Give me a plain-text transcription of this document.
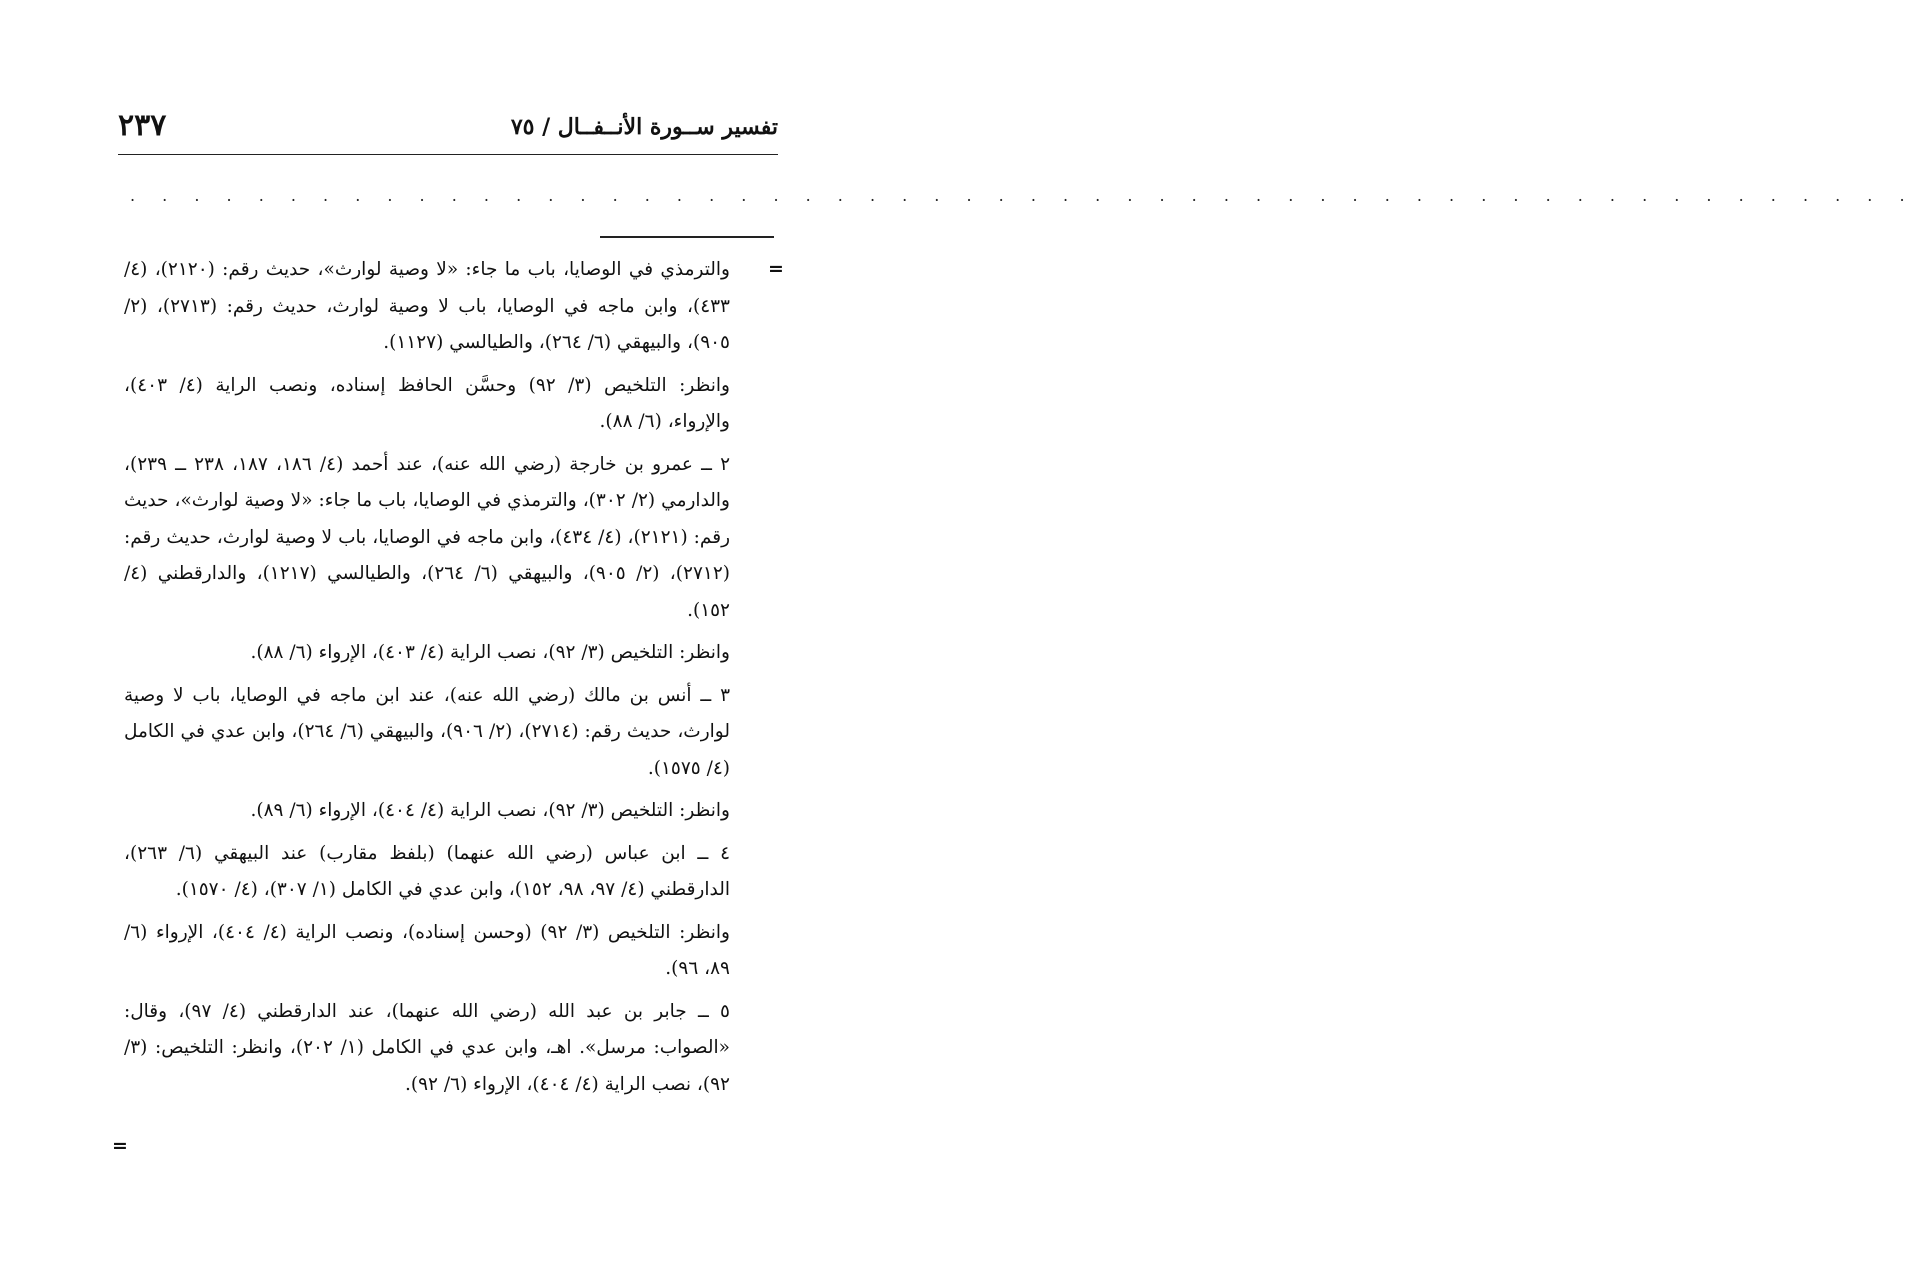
تفسير ســورة الأنــفــال / ٧٥
٢٣٧
. . . . . . . . . . . . . . . . . . . . . . . . . . . . . . . . . . . . . . . . . . . . . . . . . . . . . . . .
=
=

والترمذي في الوصايا، باب ما جاء: «لا وصية لوارث»، حديث رقم: (٢١٢٠)، (٤/ ٤٣٣)، وابن ماجه في الوصايا، باب لا وصية لوارث، حديث رقم: (٢٧١٣)، (٢/ ٩٠٥)، والبيهقي (٦/ ٢٦٤)، والطيالسي (١١٢٧).

وانظر: التلخيص (٣/ ٩٢) وحسَّن الحافظ إسناده، ونصب الراية (٤/ ٤٠٣)، والإرواء، (٦/ ٨٨).

٢ ــ عمرو بن خارجة (رضي الله عنه)، عند أحمد (٤/ ١٨٦، ١٨٧، ٢٣٨ ــ ٢٣٩)، والدارمي (٢/ ٣٠٢)، والترمذي في الوصايا، باب ما جاء: «لا وصية لوارث»، حديث رقم: (٢١٢١)، (٤/ ٤٣٤)، وابن ماجه في الوصايا، باب لا وصية لوارث، حديث رقم: (٢٧١٢)، (٢/ ٩٠٥)، والبيهقي (٦/ ٢٦٤)، والطيالسي (١٢١٧)، والدارقطني (٤/ ١٥٢).

وانظر: التلخيص (٣/ ٩٢)، نصب الراية (٤/ ٤٠٣)، الإرواء (٦/ ٨٨).

٣ ــ أنس بن مالك (رضي الله عنه)، عند ابن ماجه في الوصايا، باب لا وصية لوارث، حديث رقم: (٢٧١٤)، (٢/ ٩٠٦)، والبيهقي (٦/ ٢٦٤)، وابن عدي في الكامل (٤/ ١٥٧٥).

وانظر: التلخيص (٣/ ٩٢)، نصب الراية (٤/ ٤٠٤)، الإرواء (٦/ ٨٩).

٤ ــ ابن عباس (رضي الله عنهما) (بلفظ مقارب) عند البيهقي (٦/ ٢٦٣)، الدارقطني (٤/ ٩٧، ٩٨، ١٥٢)، وابن عدي في الكامل (١/ ٣٠٧)، (٤/ ١٥٧٠).

وانظر: التلخيص (٣/ ٩٢) (وحسن إسناده)، ونصب الراية (٤/ ٤٠٤)، الإرواء (٦/ ٨٩، ٩٦).

٥ ــ جابر بن عبد الله (رضي الله عنهما)، عند الدارقطني (٤/ ٩٧)، وقال: «الصواب: مرسل». اهـ، وابن عدي في الكامل (١/ ٢٠٢)، وانظر: التلخيص: (٣/ ٩٢)، نصب الراية (٤/ ٤٠٤)، الإرواء (٦/ ٩٢).
